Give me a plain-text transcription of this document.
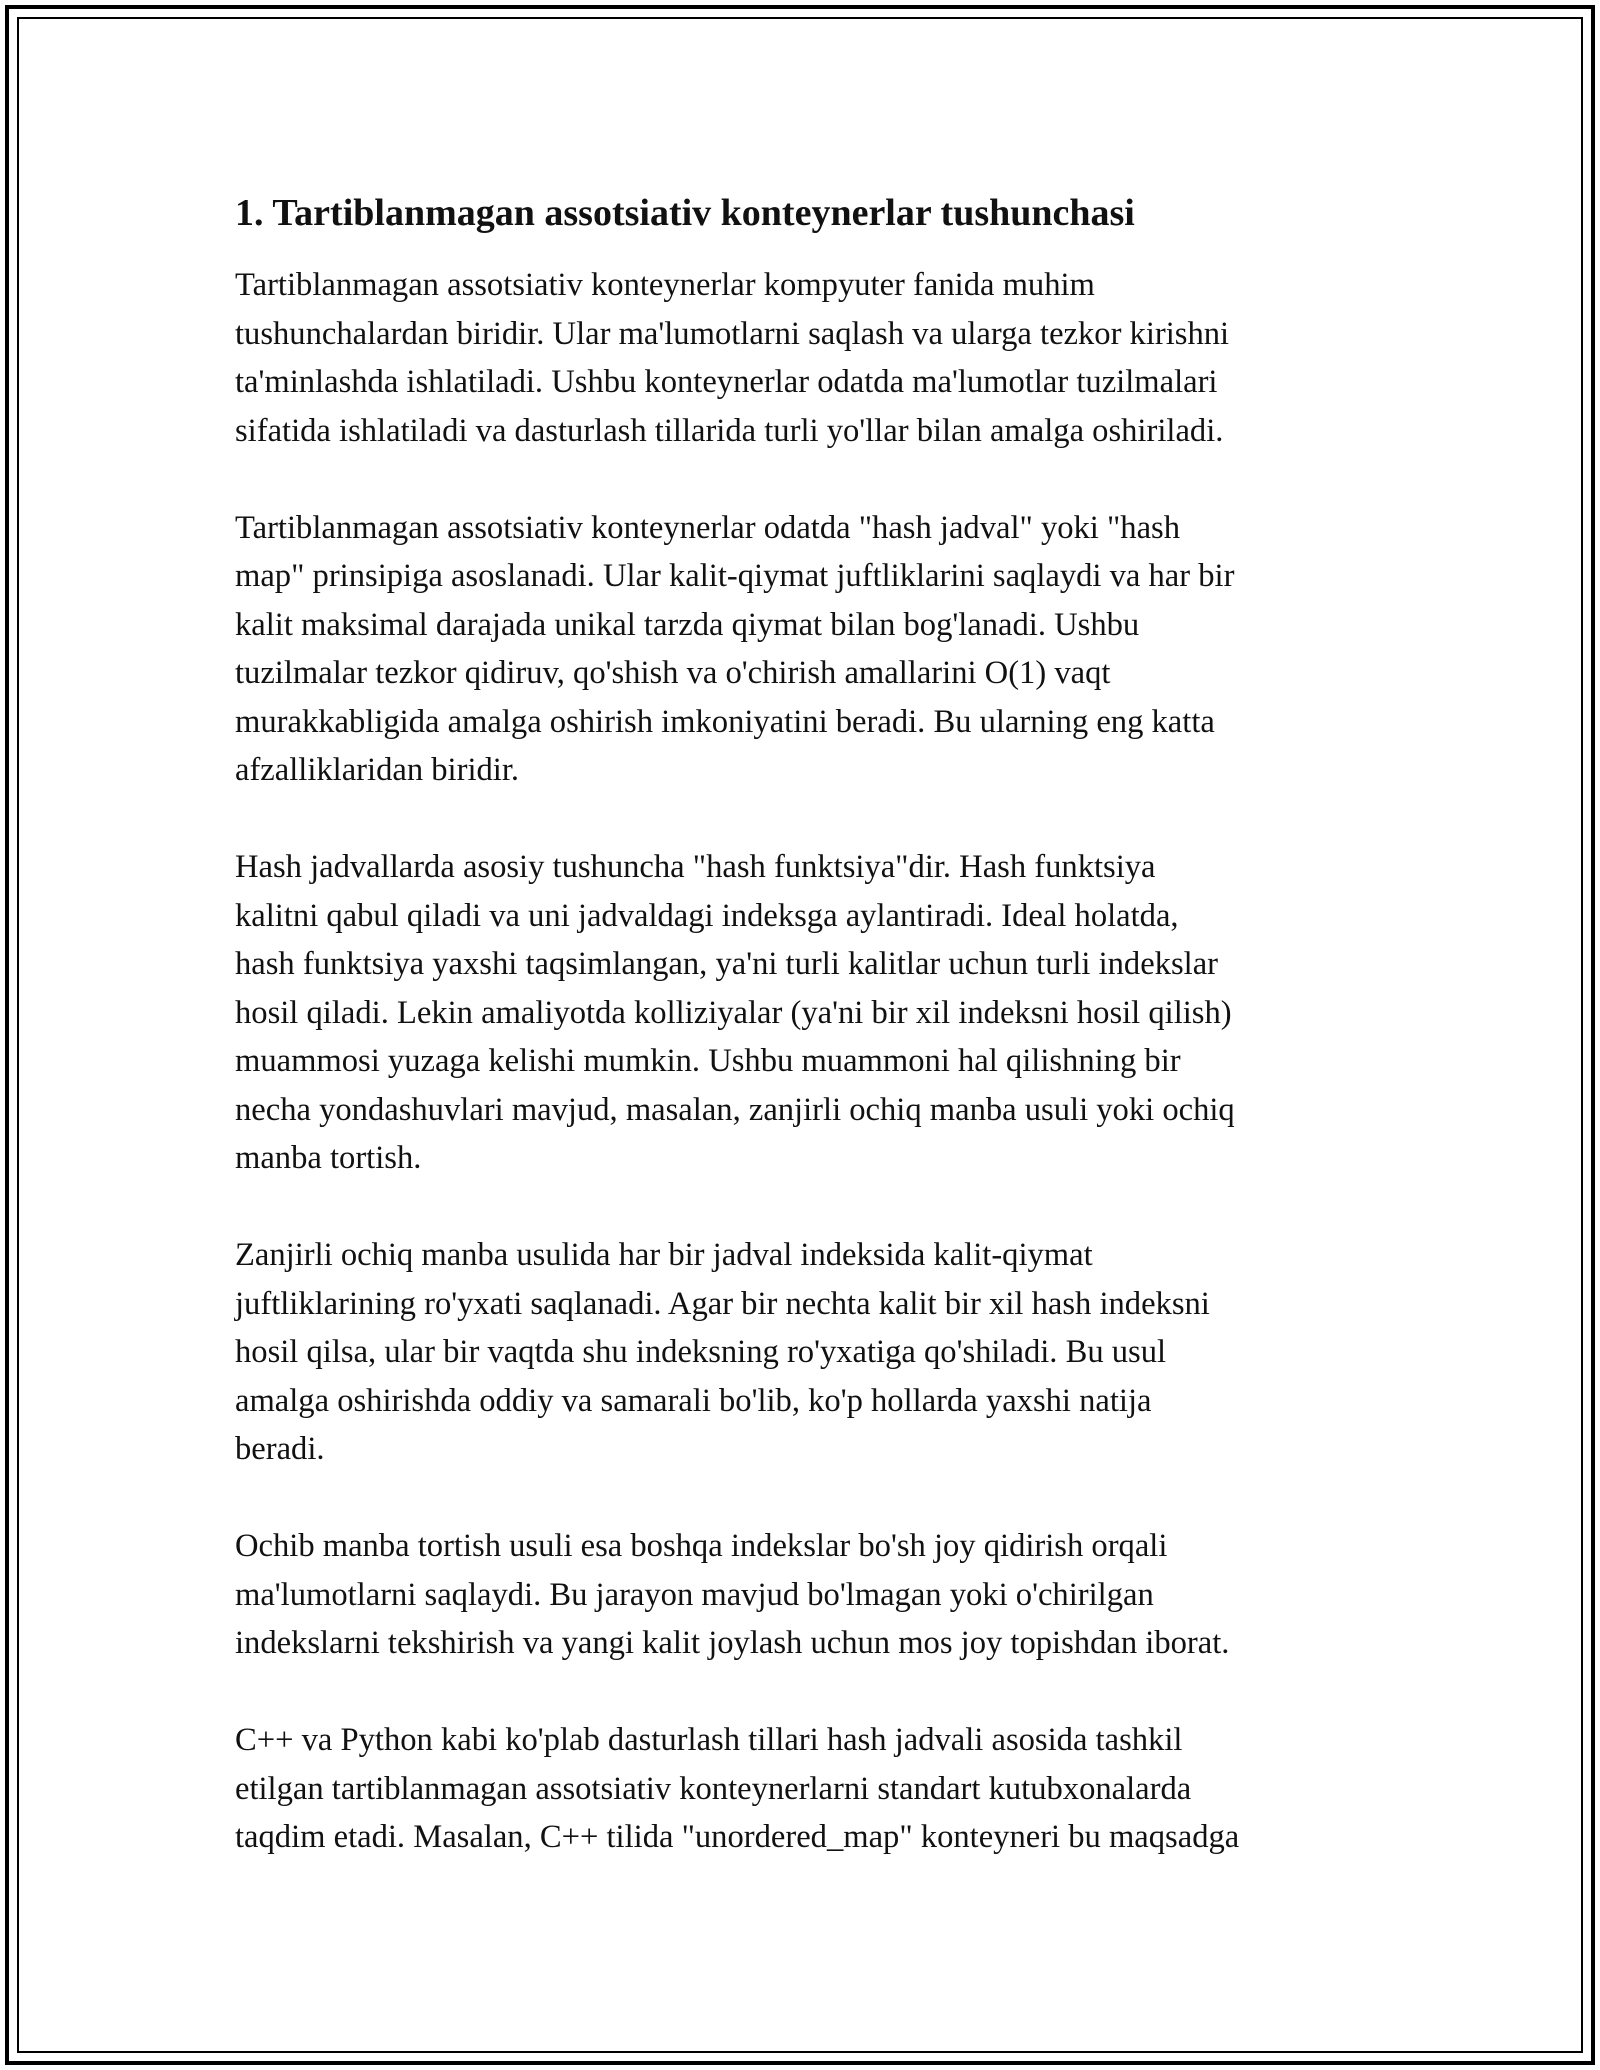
1. Tartiblanmagan assotsiativ konteynerlar tushunchasi
Tartiblanmagan assotsiativ konteynerlar kompyuter fanida muhim
tushunchalardan biridir. Ular ma'lumotlarni saqlash va ularga tezkor kirishni
ta'minlashda ishlatiladi. Ushbu konteynerlar odatda ma'lumotlar tuzilmalari
sifatida ishlatiladi va dasturlash tillarida turli yo'llar bilan amalga oshiriladi.
Tartiblanmagan assotsiativ konteynerlar odatda "hash jadval" yoki "hash
map" prinsipiga asoslanadi. Ular kalit-qiymat juftliklarini saqlaydi va har bir
kalit maksimal darajada unikal tarzda qiymat bilan bog'lanadi. Ushbu
tuzilmalar tezkor qidiruv, qo'shish va o'chirish amallarini O(1) vaqt
murakkabligida amalga oshirish imkoniyatini beradi. Bu ularning eng katta
afzalliklaridan biridir.
Hash jadvallarda asosiy tushuncha "hash funktsiya"dir. Hash funktsiya
kalitni qabul qiladi va uni jadvaldagi indeksga aylantiradi. Ideal holatda,
hash funktsiya yaxshi taqsimlangan, ya'ni turli kalitlar uchun turli indekslar
hosil qiladi. Lekin amaliyotda kolliziyalar (ya'ni bir xil indeksni hosil qilish)
muammosi yuzaga kelishi mumkin. Ushbu muammoni hal qilishning bir
necha yondashuvlari mavjud, masalan, zanjirli ochiq manba usuli yoki ochiq
manba tortish.
Zanjirli ochiq manba usulida har bir jadval indeksida kalit-qiymat
juftliklarining ro'yxati saqlanadi. Agar bir nechta kalit bir xil hash indeksni
hosil qilsa, ular bir vaqtda shu indeksning ro'yxatiga qo'shiladi. Bu usul
amalga oshirishda oddiy va samarali bo'lib, ko'p hollarda yaxshi natija
beradi.
Ochib manba tortish usuli esa boshqa indekslar bo'sh joy qidirish orqali
ma'lumotlarni saqlaydi. Bu jarayon mavjud bo'lmagan yoki o'chirilgan
indekslarni tekshirish va yangi kalit joylash uchun mos joy topishdan iborat.
C++ va Python kabi ko'plab dasturlash tillari hash jadvali asosida tashkil
etilgan tartiblanmagan assotsiativ konteynerlarni standart kutubxonalarda
taqdim etadi. Masalan, C++ tilida "unordered_map" konteyneri bu maqsadga
